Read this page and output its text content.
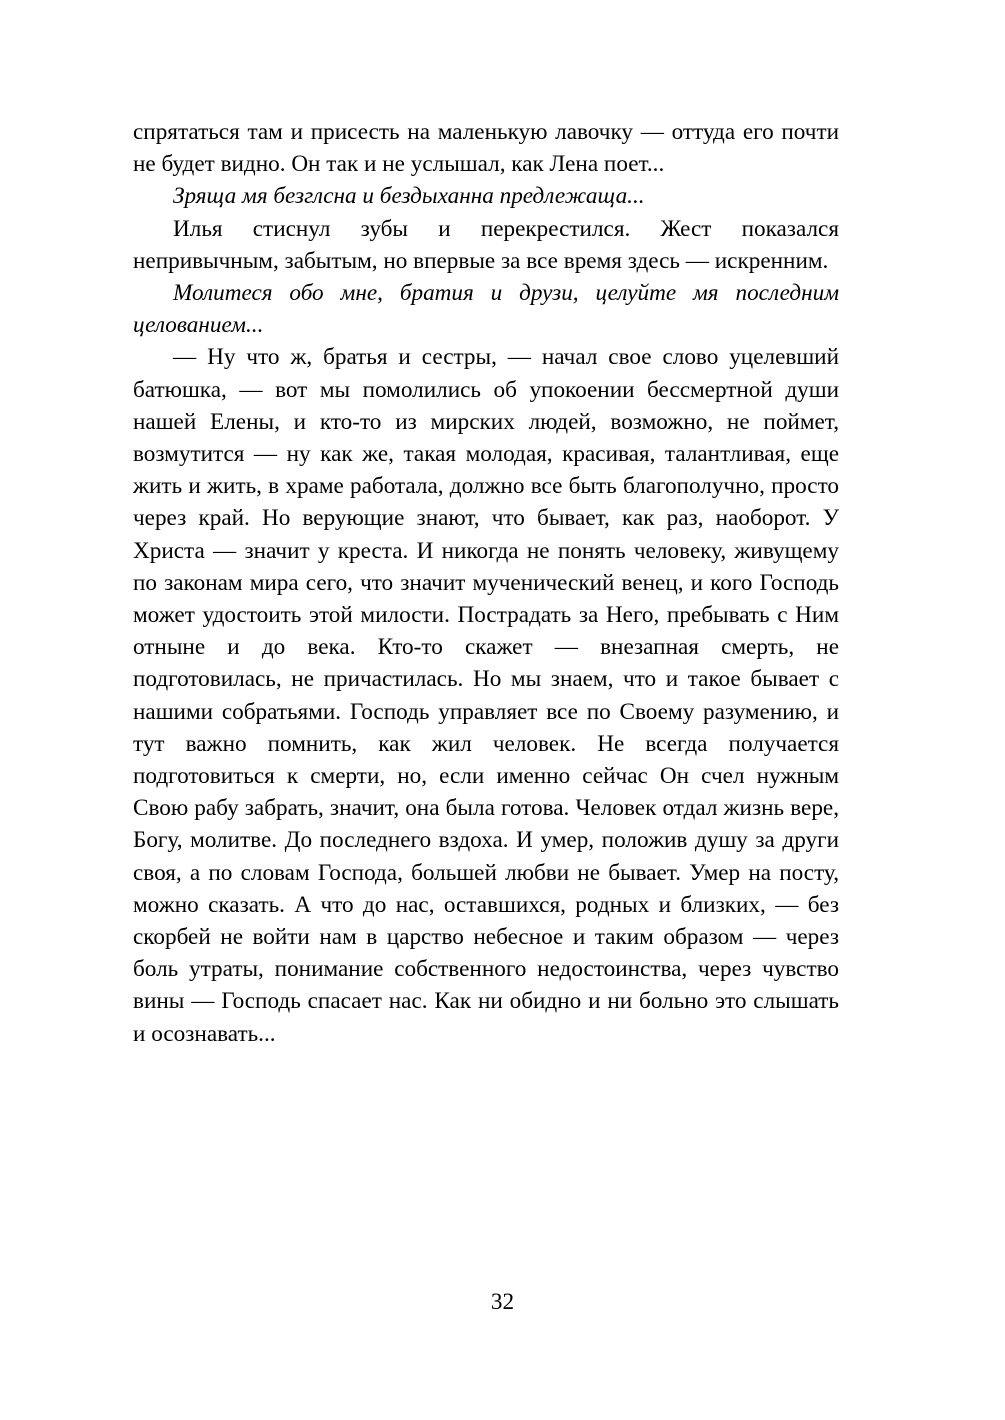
спрятаться там и присесть на маленькую лавочку — оттуда его почти не будет видно. Он так и не услышал, как Лена поет...

Зряща мя безглсна и бездыханна предлежаща...

Илья стиснул зубы и перекрестился. Жест показался непривычным, забытым, но впервые за все время здесь — искренним.

Молитеся обо мне, братия и друзи, целуйте мя последним целованием...

— Ну что ж, братья и сестры, — начал свое слово уцелевший батюшка, — вот мы помолились об упокоении бессмертной души нашей Елены, и кто-то из мирских людей, возможно, не поймет, возмутится — ну как же, такая молодая, красивая, талантливая, еще жить и жить, в храме работала, должно все быть благополучно, просто через край. Но верующие знают, что бывает, как раз, наоборот. У Христа — значит у креста. И никогда не понять человеку, живущему по законам мира сего, что значит мученический венец, и кого Господь может удостоить этой милости. Пострадать за Него, пребывать с Ним отныне и до века. Кто-то скажет — внезапная смерть, не подготовилась, не причастилась. Но мы знаем, что и такое бывает с нашими собратьями. Господь управляет все по Своему разумению, и тут важно помнить, как жил человек. Не всегда получается подготовиться к смерти, но, если именно сейчас Он счел нужным Свою рабу забрать, значит, она была готова. Человек отдал жизнь вере, Богу, молитве. До последнего вздоха. И умер, положив душу за други своя, а по словам Господа, большей любви не бывает. Умер на посту, можно сказать. А что до нас, оставшихся, родных и близких, — без скорбей не войти нам в царство небесное и таким образом — через боль утраты, понимание собственного недостоинства, через чувство вины — Господь спасает нас. Как ни обидно и ни больно это слышать и осознавать...

32
